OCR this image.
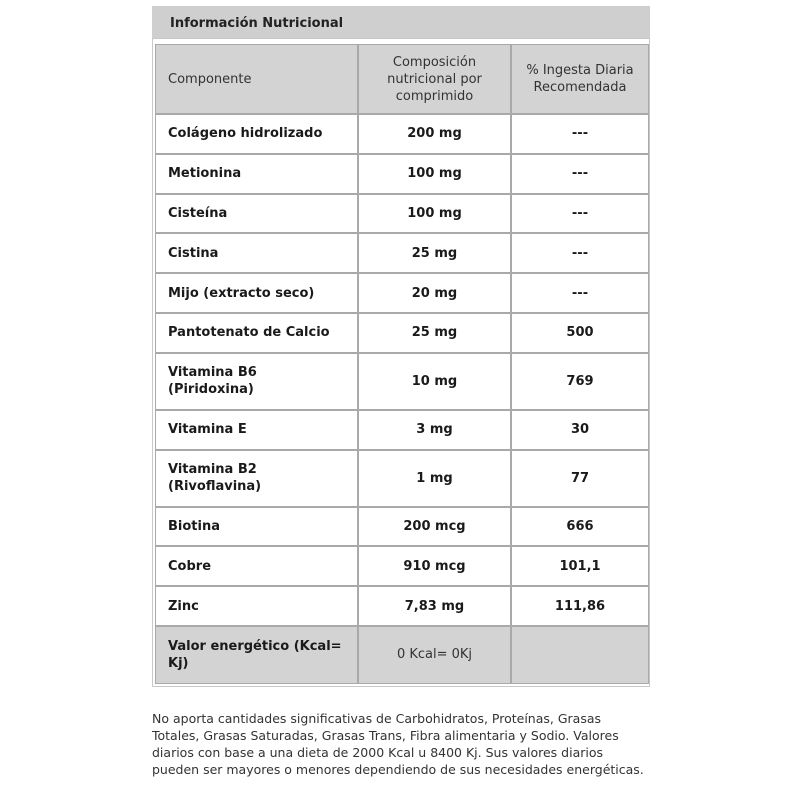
Información Nutricional
Componente	Composición nutricional por comprimido	% Ingesta Diaria Recomendada
Colágeno hidrolizado	200 mg	---
Metionina	100 mg	---
Cisteína	100 mg	---
Cistina	25 mg	---
Mijo (extracto seco)	20 mg	---
Pantotenato de Calcio	25 mg	500
Vitamina B6 (Piridoxina)	10 mg	769
Vitamina E	3 mg	30
Vitamina B2 (Rivoflavina)	1 mg	77
Biotina	200 mcg	666
Cobre	910 mcg	101,1
Zinc	7,83 mg	111,86
Valor energético (Kcal= Kj)	0 Kcal= 0Kj	
No aporta cantidades significativas de Carbohidratos, Proteínas, Grasas Totales, Grasas Saturadas, Grasas Trans, Fibra alimentaria y Sodio. Valores diarios con base a una dieta de 2000 Kcal u 8400 Kj. Sus valores diarios pueden ser mayores o menores dependiendo de sus necesidades energéticas.
